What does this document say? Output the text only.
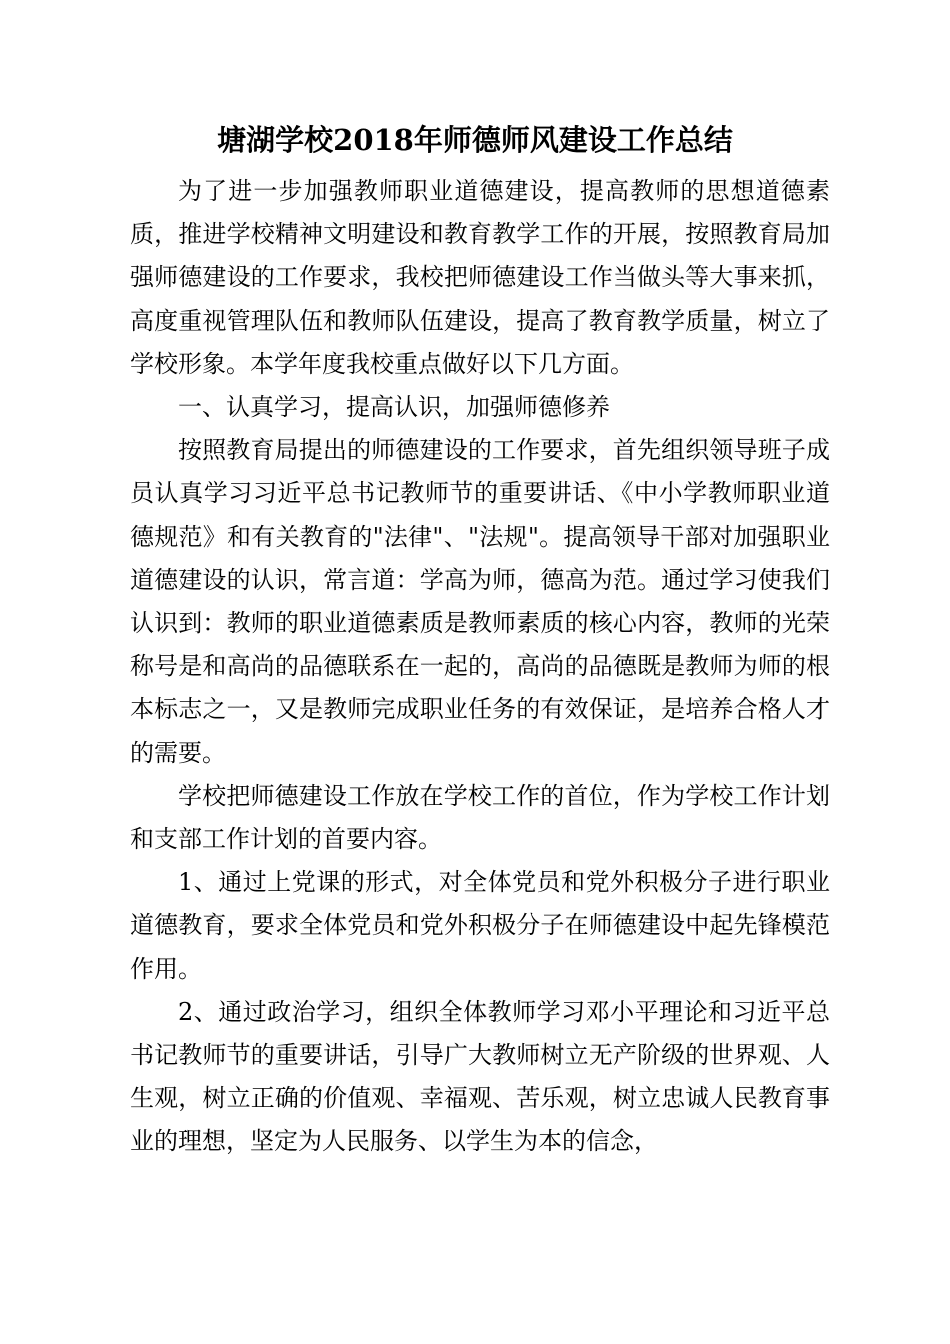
塘湖学校2018年师德师风建设工作总结

为了进一步加强教师职业道德建设，提高教师的思想道德素质，推进学校精神文明建设和教育教学工作的开展，按照教育局加强师德建设的工作要求，我校把师德建设工作当做头等大事来抓，高度重视管理队伍和教师队伍建设，提高了教育教学质量，树立了学校形象。本学年度我校重点做好以下几方面。

一、认真学习，提高认识，加强师德修养

按照教育局提出的师德建设的工作要求，首先组织领导班子成员认真学习习近平总书记教师节的重要讲话、《中小学教师职业道德规范》和有关教育的"法律"、"法规"。提高领导干部对加强职业道德建设的认识，常言道：学高为师，德高为范。通过学习使我们认识到：教师的职业道德素质是教师素质的核心内容，教师的光荣称号是和高尚的品德联系在一起的，高尚的品德既是教师为师的根本标志之一，又是教师完成职业任务的有效保证，是培养合格人才的需要。

学校把师德建设工作放在学校工作的首位，作为学校工作计划和支部工作计划的首要内容。

1、通过上党课的形式，对全体党员和党外积极分子进行职业道德教育，要求全体党员和党外积极分子在师德建设中起先锋模范作用。

2、通过政治学习，组织全体教师学习邓小平理论和习近平总书记教师节的重要讲话，引导广大教师树立无产阶级的世界观、人生观，树立正确的价值观、幸福观、苦乐观，树立忠诚人民教育事业的理想，坚定为人民服务、以学生为本的信念，
